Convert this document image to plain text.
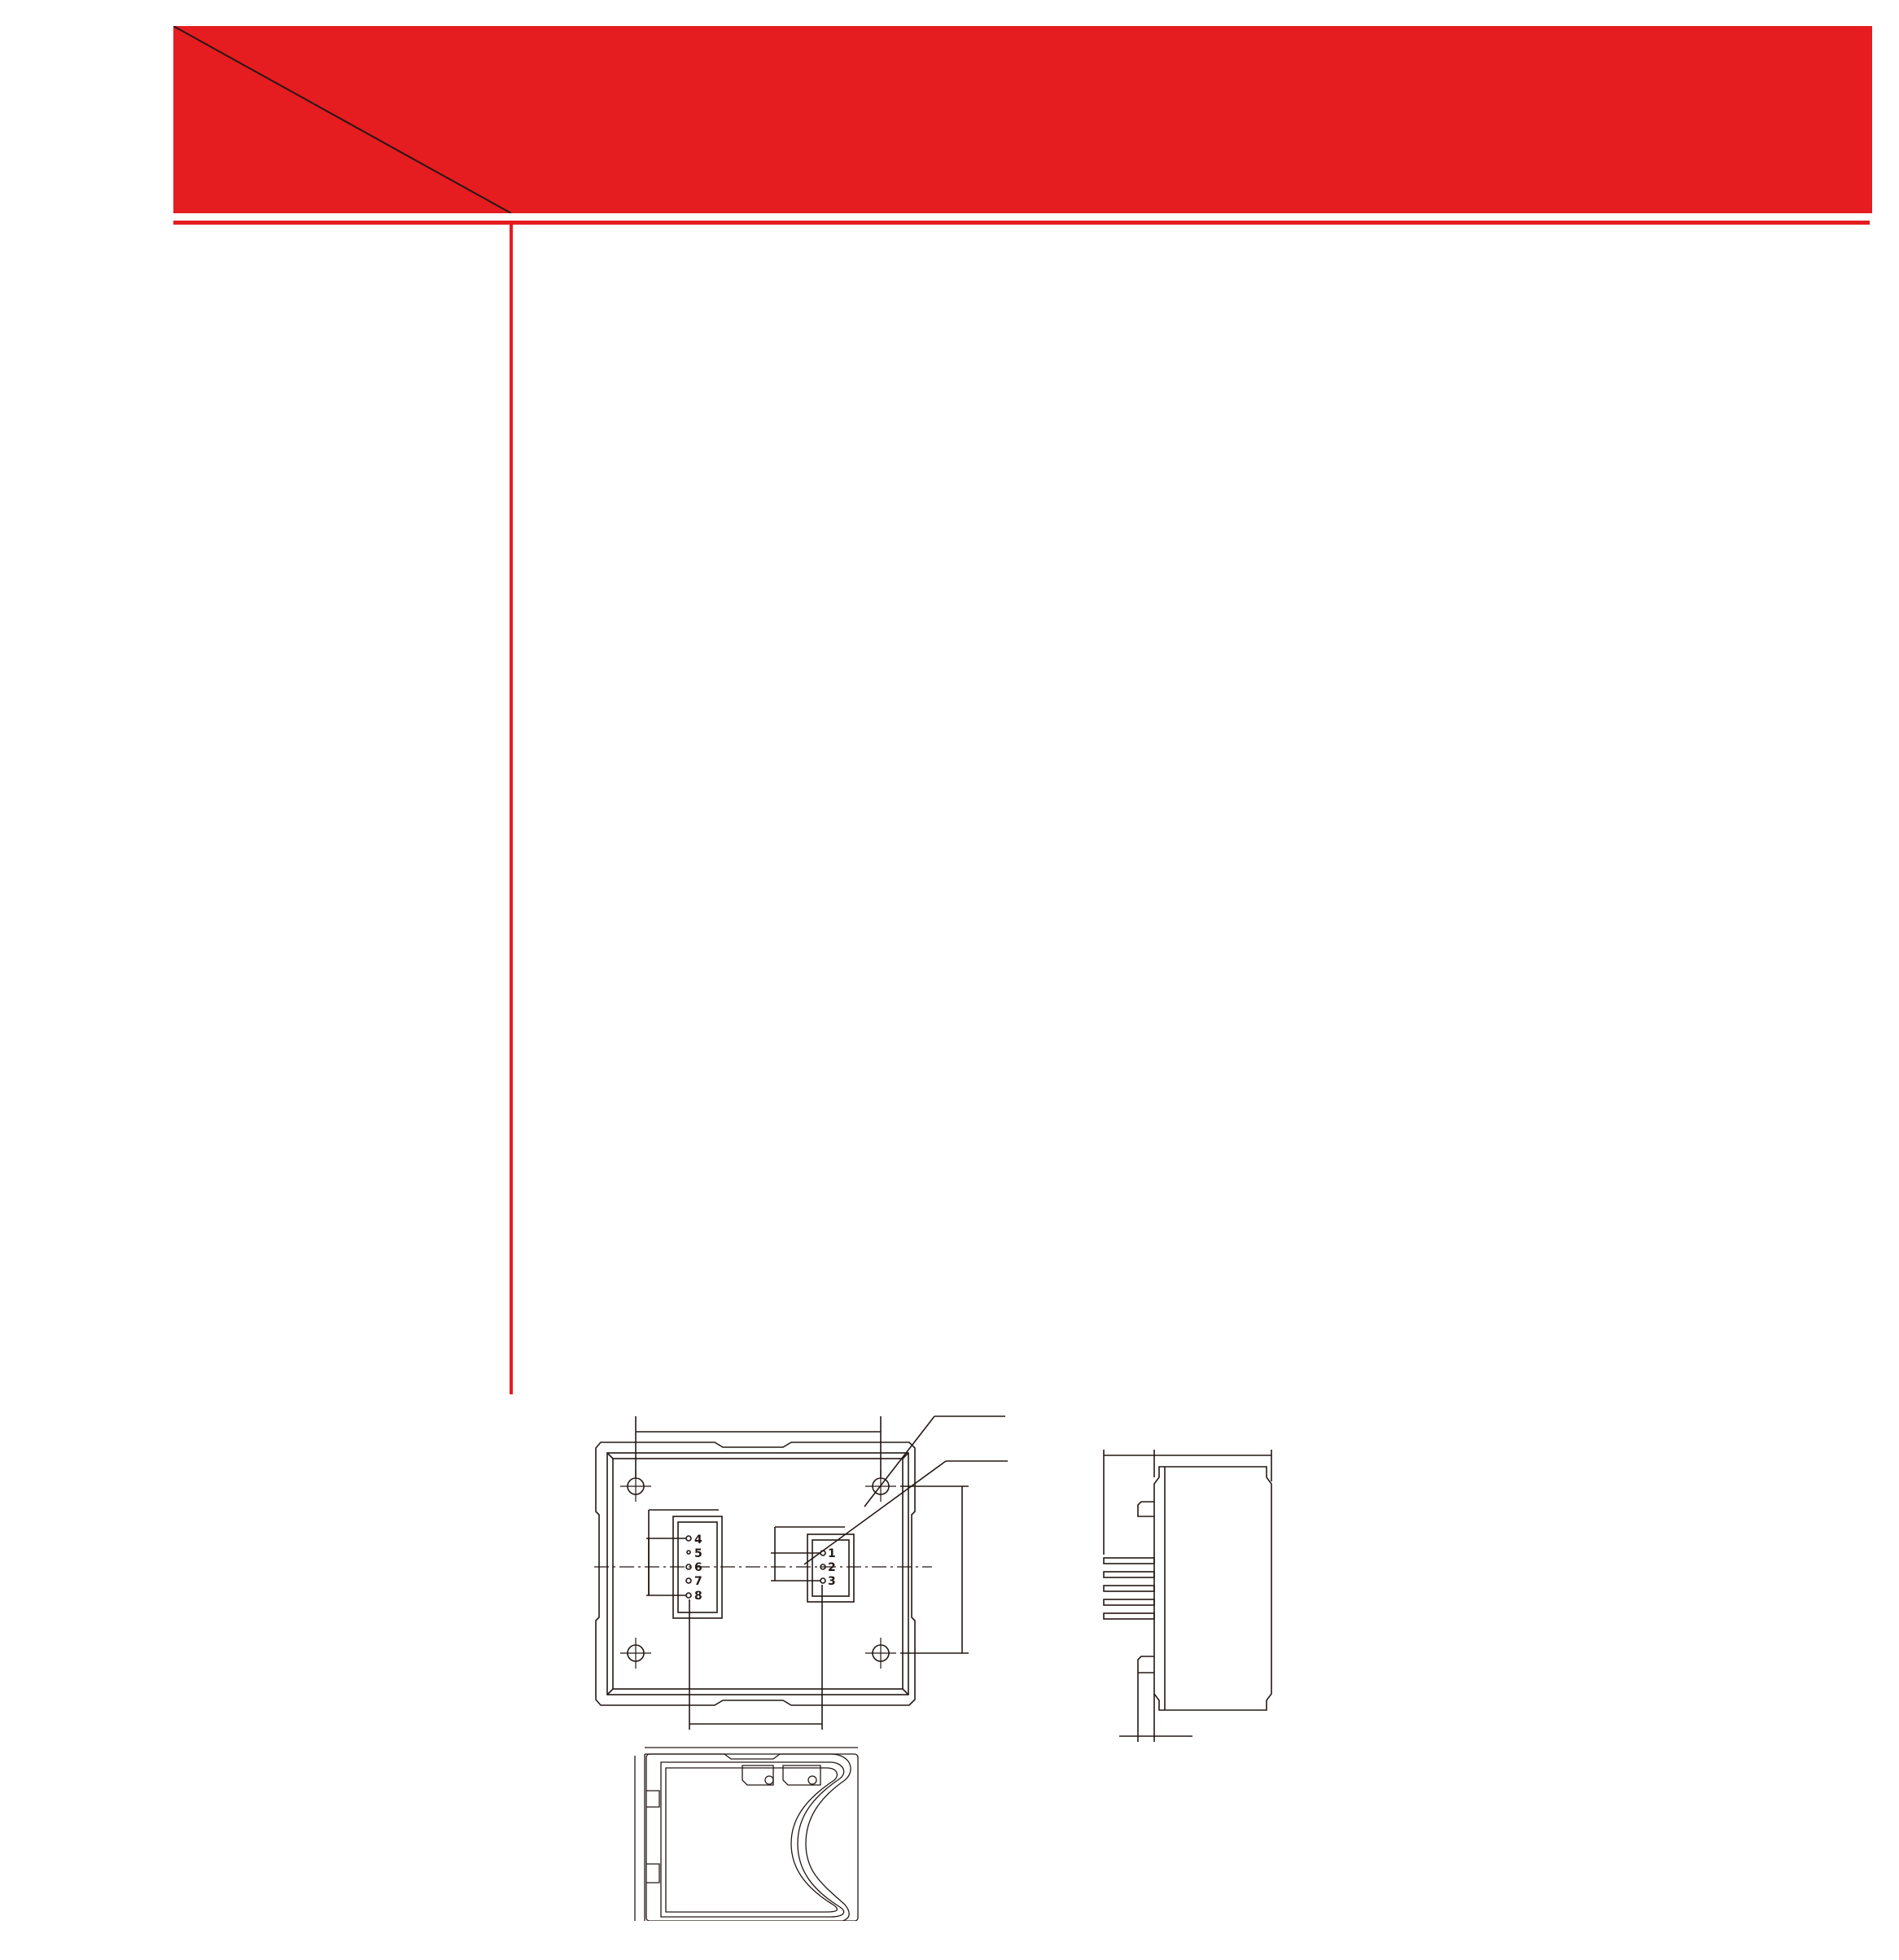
4
5
6
7
8
1
2
3
